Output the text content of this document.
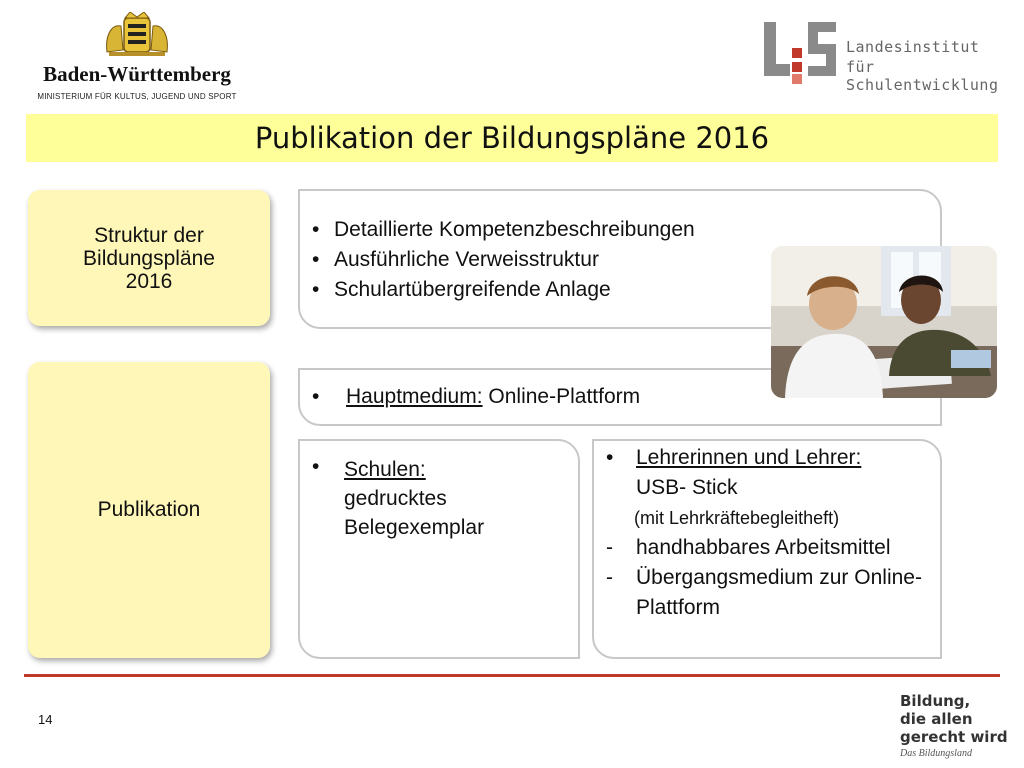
Baden-Württemberg
MINISTERIUM FÜR KULTUS, JUGEND UND SPORT
Landesinstitut
für Schulentwicklung
Publikation der Bildungspläne 2016
Struktur der
Bildungspläne
2016
Publikation
• Detaillierte Kompetenzbeschreibungen
• Ausführliche Verweisstruktur
• Schulartübergreifende Anlage
• Hauptmedium: Online-Plattform
• Schulen:
gedrucktes Belegexemplar
• Lehrerinnen und Lehrer:
USB- Stick
(mit Lehrkräftebegleitheft)
- handhabbares Arbeitsmittel
- Übergangsmedium zur Online-Plattform
14
Bildung,
die allen
gerecht wird
Das Bildungsland
